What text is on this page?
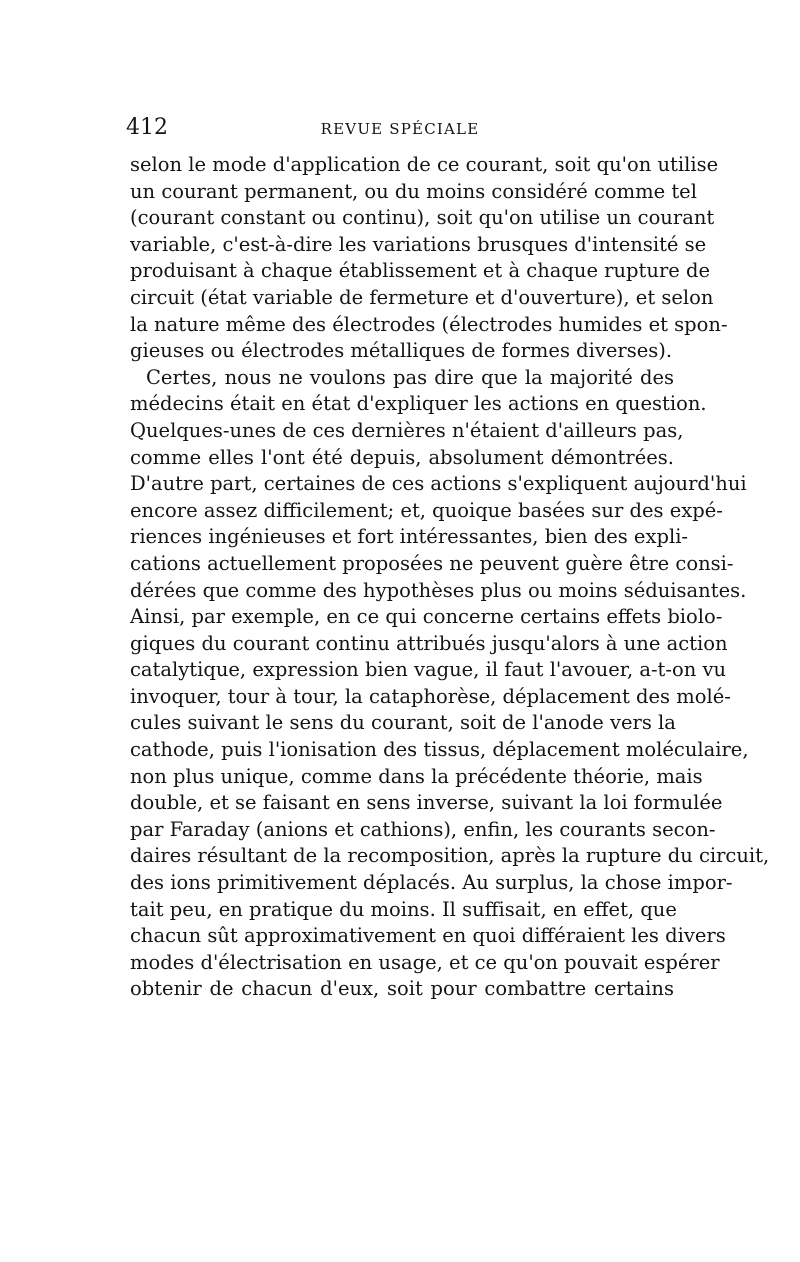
412	REVUE SPÉCIALE
selon le mode d'application de ce courant, soit qu'on utilise
un courant permanent, ou du moins considéré comme tel
(courant constant ou continu), soit qu'on utilise un courant
variable, c'est-à-dire les variations brusques d'intensité se
produisant à chaque établissement et à chaque rupture de
circuit (état variable de fermeture et d'ouverture), et selon
la nature même des électrodes (électrodes humides et spon-
gieuses ou électrodes métalliques de formes diverses).
Certes, nous ne voulons pas dire que la majorité des
médecins était en état d'expliquer les actions en question.
Quelques-unes de ces dernières n'étaient d'ailleurs pas,
comme elles l'ont été depuis, absolument démontrées.
D'autre part, certaines de ces actions s'expliquent aujourd'hui
encore assez difficilement; et, quoique basées sur des expé-
riences ingénieuses et fort intéressantes, bien des expli-
cations actuellement proposées ne peuvent guère être consi-
dérées que comme des hypothèses plus ou moins séduisantes.
Ainsi, par exemple, en ce qui concerne certains effets biolo-
giques du courant continu attribués jusqu'alors à une action
catalytique, expression bien vague, il faut l'avouer, a-t-on vu
invoquer, tour à tour, la cataphorèse, déplacement des molé-
cules suivant le sens du courant, soit de l'anode vers la
cathode, puis l'ionisation des tissus, déplacement moléculaire,
non plus unique, comme dans la précédente théorie, mais
double, et se faisant en sens inverse, suivant la loi formulée
par Faraday (anions et cathions), enfin, les courants secon-
daires résultant de la recomposition, après la rupture du circuit,
des ions primitivement déplacés. Au surplus, la chose impor-
tait peu, en pratique du moins. Il suffisait, en effet, que
chacun sût approximativement en quoi différaient les divers
modes d'électrisation en usage, et ce qu'on pouvait espérer
obtenir de chacun d'eux, soit pour combattre certains
